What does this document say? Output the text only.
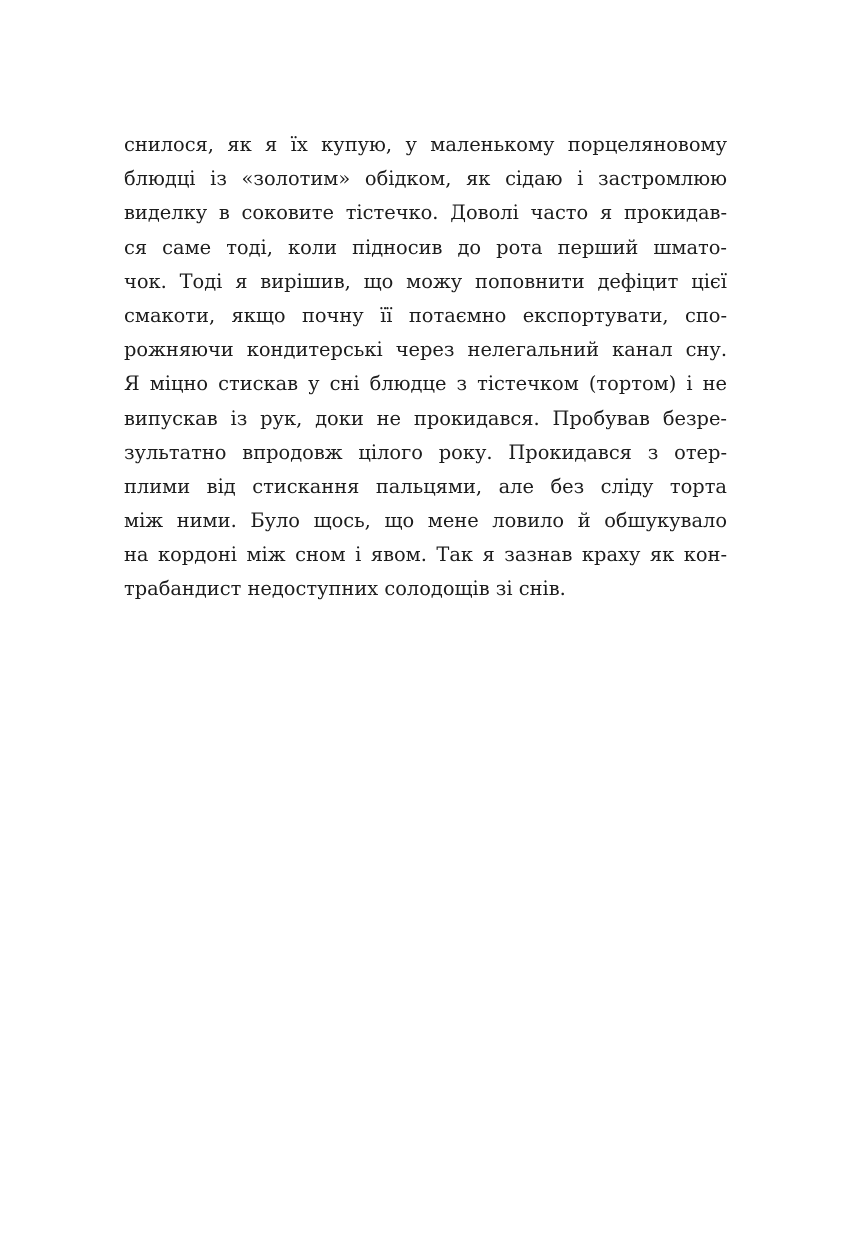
снилося, як я їх купую, у маленькому порцеляновому
блюдці із «золотим» обідком, як сідаю і застромлюю
виделку в соковите тістечко. Доволі часто я прокидав-
ся саме тоді, коли підносив до рота перший шмато-
чок. Тоді я вирішив, що можу поповнити дефіцит цієї
смакоти, якщо почну її потаємно експортувати, спо-
рожняючи кондитерські через нелегальний канал сну.
Я міцно стискав у сні блюдце з тістечком (тортом) і не
випускав із рук, доки не прокидався. Пробував безре-
зультатно впродовж цілого року. Прокидався з отер-
плими від стискання пальцями, але без сліду торта
між ними. Було щось, що мене ловило й обшукувало
на кордоні між сном і явом. Так я зазнав краху як кон-
трабандист недоступних солодощів зі снів.
